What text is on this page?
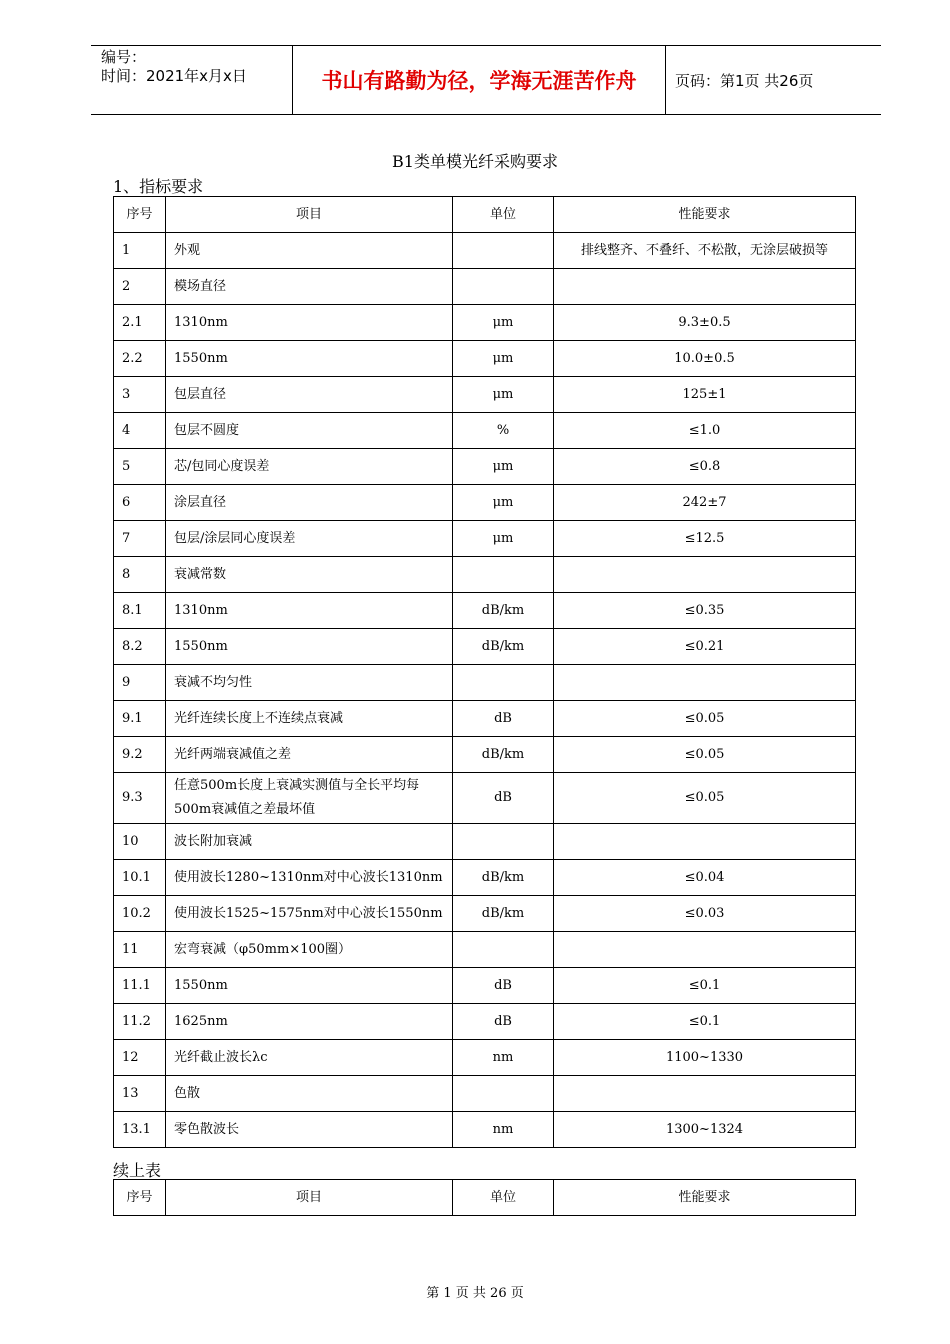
编号：
时间：2021年x月x日	书山有路勤为径，学海无涯苦作舟	页码：第1页 共26页
B1类单模光纤采购要求
1、指标要求
序号	项目	单位	性能要求
1	外观		排线整齐、不叠纤、不松散，无涂层破损等
2	模场直径		
2.1	1310nm	μm	9.3±0.5
2.2	1550nm	μm	10.0±0.5
3	包层直径	μm	125±1
4	包层不圆度	%	≤1.0
5	芯/包同心度误差	μm	≤0.8
6	涂层直径	μm	242±7
7	包层/涂层同心度误差	μm	≤12.5
8	衰减常数		
8.1	1310nm	dB/km	≤0.35
8.2	1550nm	dB/km	≤0.21
9	衰减不均匀性		
9.1	光纤连续长度上不连续点衰减	dB	≤0.05
9.2	光纤两端衰减值之差	dB/km	≤0.05
9.3	任意500m长度上衰减实测值与全长平均每500m衰减值之差最坏值	dB	≤0.05
10	波长附加衰减		
10.1	使用波长1280~1310nm对中心波长1310nm	dB/km	≤0.04
10.2	使用波长1525~1575nm对中心波长1550nm	dB/km	≤0.03
11	宏弯衰减（φ50mm×100圈）		
11.1	1550nm	dB	≤0.1
11.2	1625nm	dB	≤0.1
12	光纤截止波长λc	nm	1100~1330
13	色散		
13.1	零色散波长	nm	1300~1324
续上表
序号	项目	单位	性能要求
第 1 页 共 26 页
